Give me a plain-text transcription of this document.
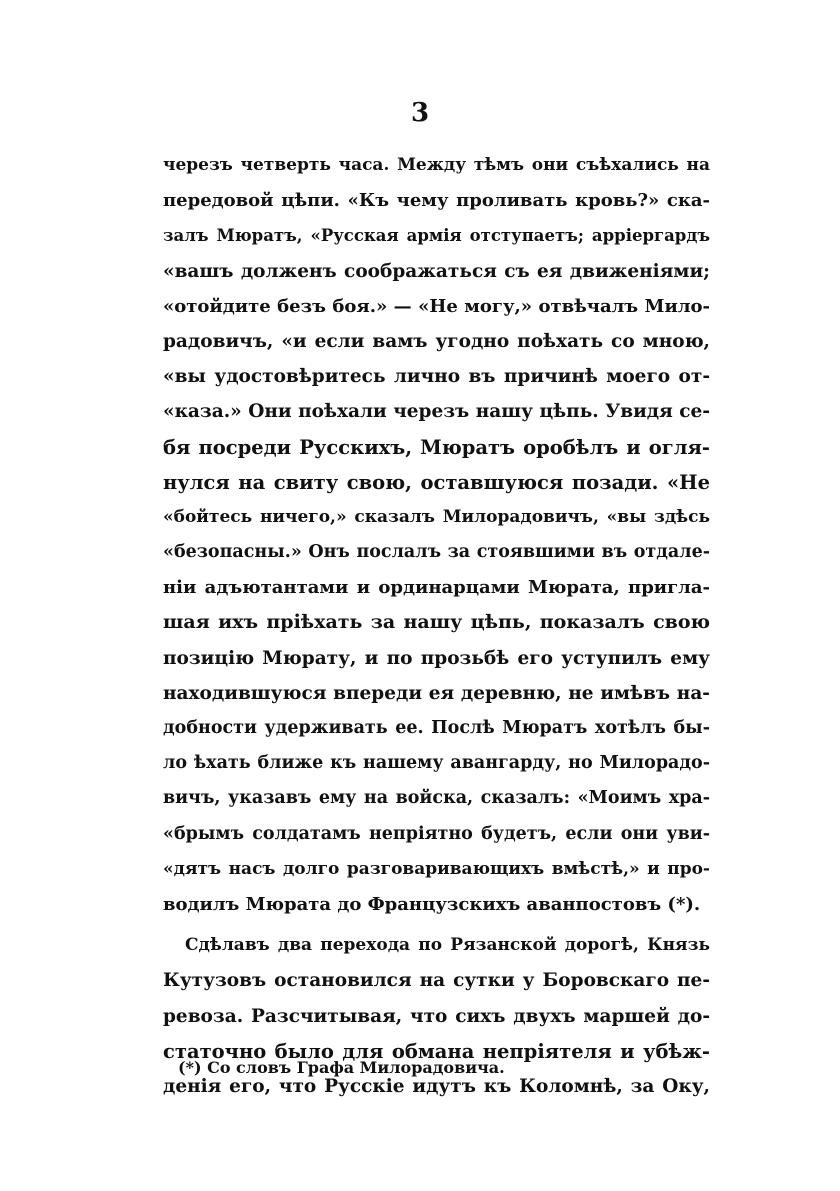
3
черезъ четверть часа. Между тѣмъ они съѣхались на
передовой цѣпи. «Къ чему проливать кровь?» ска-
залъ Мюратъ, «Русская армія отступаетъ; арріергардъ
«вашъ долженъ соображаться съ ея движеніями;
«отойдите безъ боя.» — «Не могу,» отвѣчалъ Мило-
радовичъ, «и если вамъ угодно поѣхать со мною,
«вы удостовѣритесь лично въ причинѣ моего от-
«каза.» Они поѣхали черезъ нашу цѣпь. Увидя се-
бя посреди Русскихъ, Мюратъ оробѣлъ и огля-
нулся на свиту свою, оставшуюся позади. «Не
«бойтесь ничего,» сказалъ Милорадовичъ, «вы здѣсь
«безопасны.» Онъ послалъ за стоявшими въ отдале-
ніи адъютантами и ординарцами Мюрата, пригла-
шая ихъ пріѣхать за нашу цѣпь, показалъ свою
позицію Мюрату, и по прозьбѣ его уступилъ ему
находившуюся впереди ея деревню, не имѣвъ на-
добности удерживать ее. Послѣ Мюратъ хотѣлъ бы-
ло ѣхать ближе къ нашему авангарду, но Милорадо-
вичъ, указавъ ему на войска, сказалъ: «Моимъ хра-
«брымъ солдатамъ непріятно будетъ, если они уви-
«дятъ насъ долго разговаривающихъ вмѣстѣ,» и про-
водилъ Мюрата до Французскихъ аванпостовъ (*).
Сдѣлавъ два перехода по Рязанской дорогѣ, Князь
Кутузовъ остановился на сутки у Боровскаго пе-
ревоза. Разсчитывая, что сихъ двухъ маршей до-
статочно было для обмана непріятеля и убѣж-
денія его, что Русскіе идутъ къ Коломнѣ, за Оку,
(*) Со словъ Графа Милорадовича.
